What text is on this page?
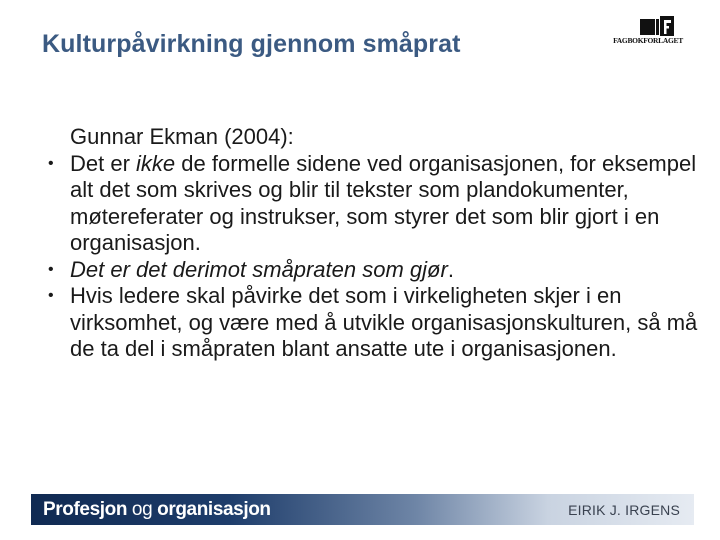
Kulturpåvirkning gjennom småprat	FAGBOKFORLAGET

Gunnar Ekman (2004):

• Det er ikke de formelle sidene ved organisasjonen, for eksempel alt det som skrives og blir til tekster som plandokumenter, møtereferater og instrukser, som styrer det som blir gjort i en organisasjon.
• Det er det derimot småpraten som gjør.
• Hvis ledere skal påvirke det som i virkeligheten skjer i en virksomhet, og være med å utvikle organisasjonskulturen, så må de ta del i småpraten blant ansatte ute i organisasjonen.
Profesjon og organisasjon	EIRIK J. IRGENS
